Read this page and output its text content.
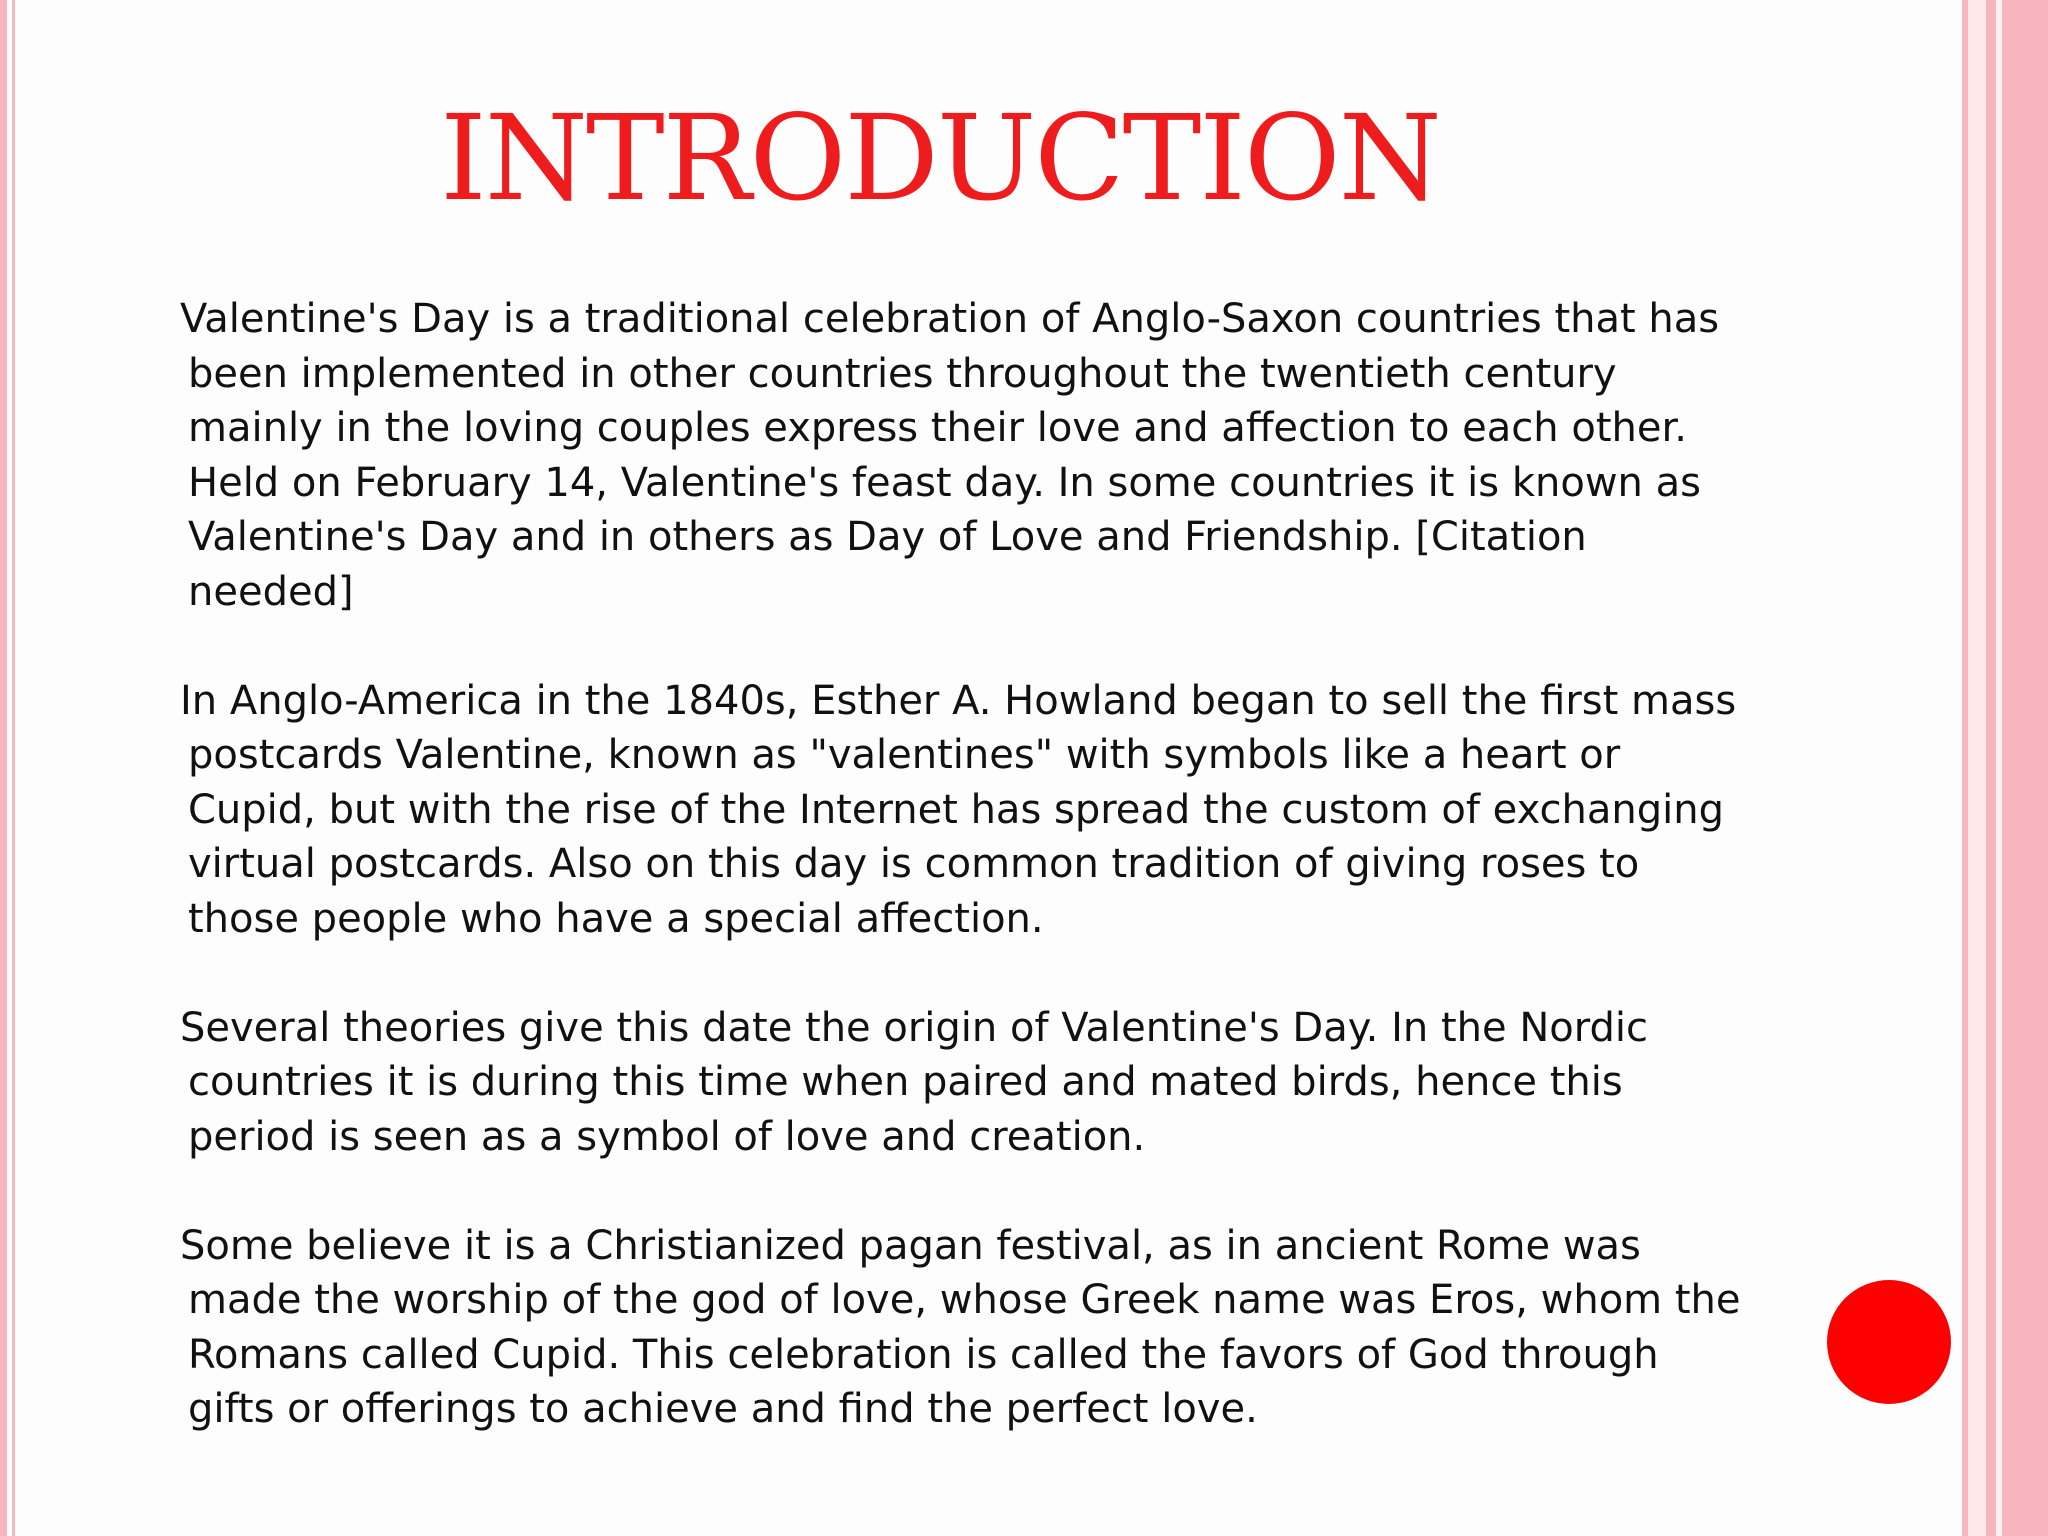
INTRODUCTION

Valentine's Day is a traditional celebration of Anglo-Saxon countries that has been implemented in other countries throughout the twentieth century mainly in the loving couples express their love and affection to each other. Held on February 14, Valentine's feast day. In some countries it is known as Valentine's Day and in others as Day of Love and Friendship. [Citation needed]

In Anglo-America in the 1840s, Esther A. Howland began to sell the first mass postcards Valentine, known as "valentines" with symbols like a heart or Cupid, but with the rise of the Internet has spread the custom of exchanging virtual postcards. Also on this day is common tradition of giving roses to those people who have a special affection.

Several theories give this date the origin of Valentine's Day. In the Nordic countries it is during this time when paired and mated birds, hence this period is seen as a symbol of love and creation.

Some believe it is a Christianized pagan festival, as in ancient Rome was made the worship of the god of love, whose Greek name was Eros, whom the Romans called Cupid. This celebration is called the favors of God through gifts or offerings to achieve and find the perfect love.
